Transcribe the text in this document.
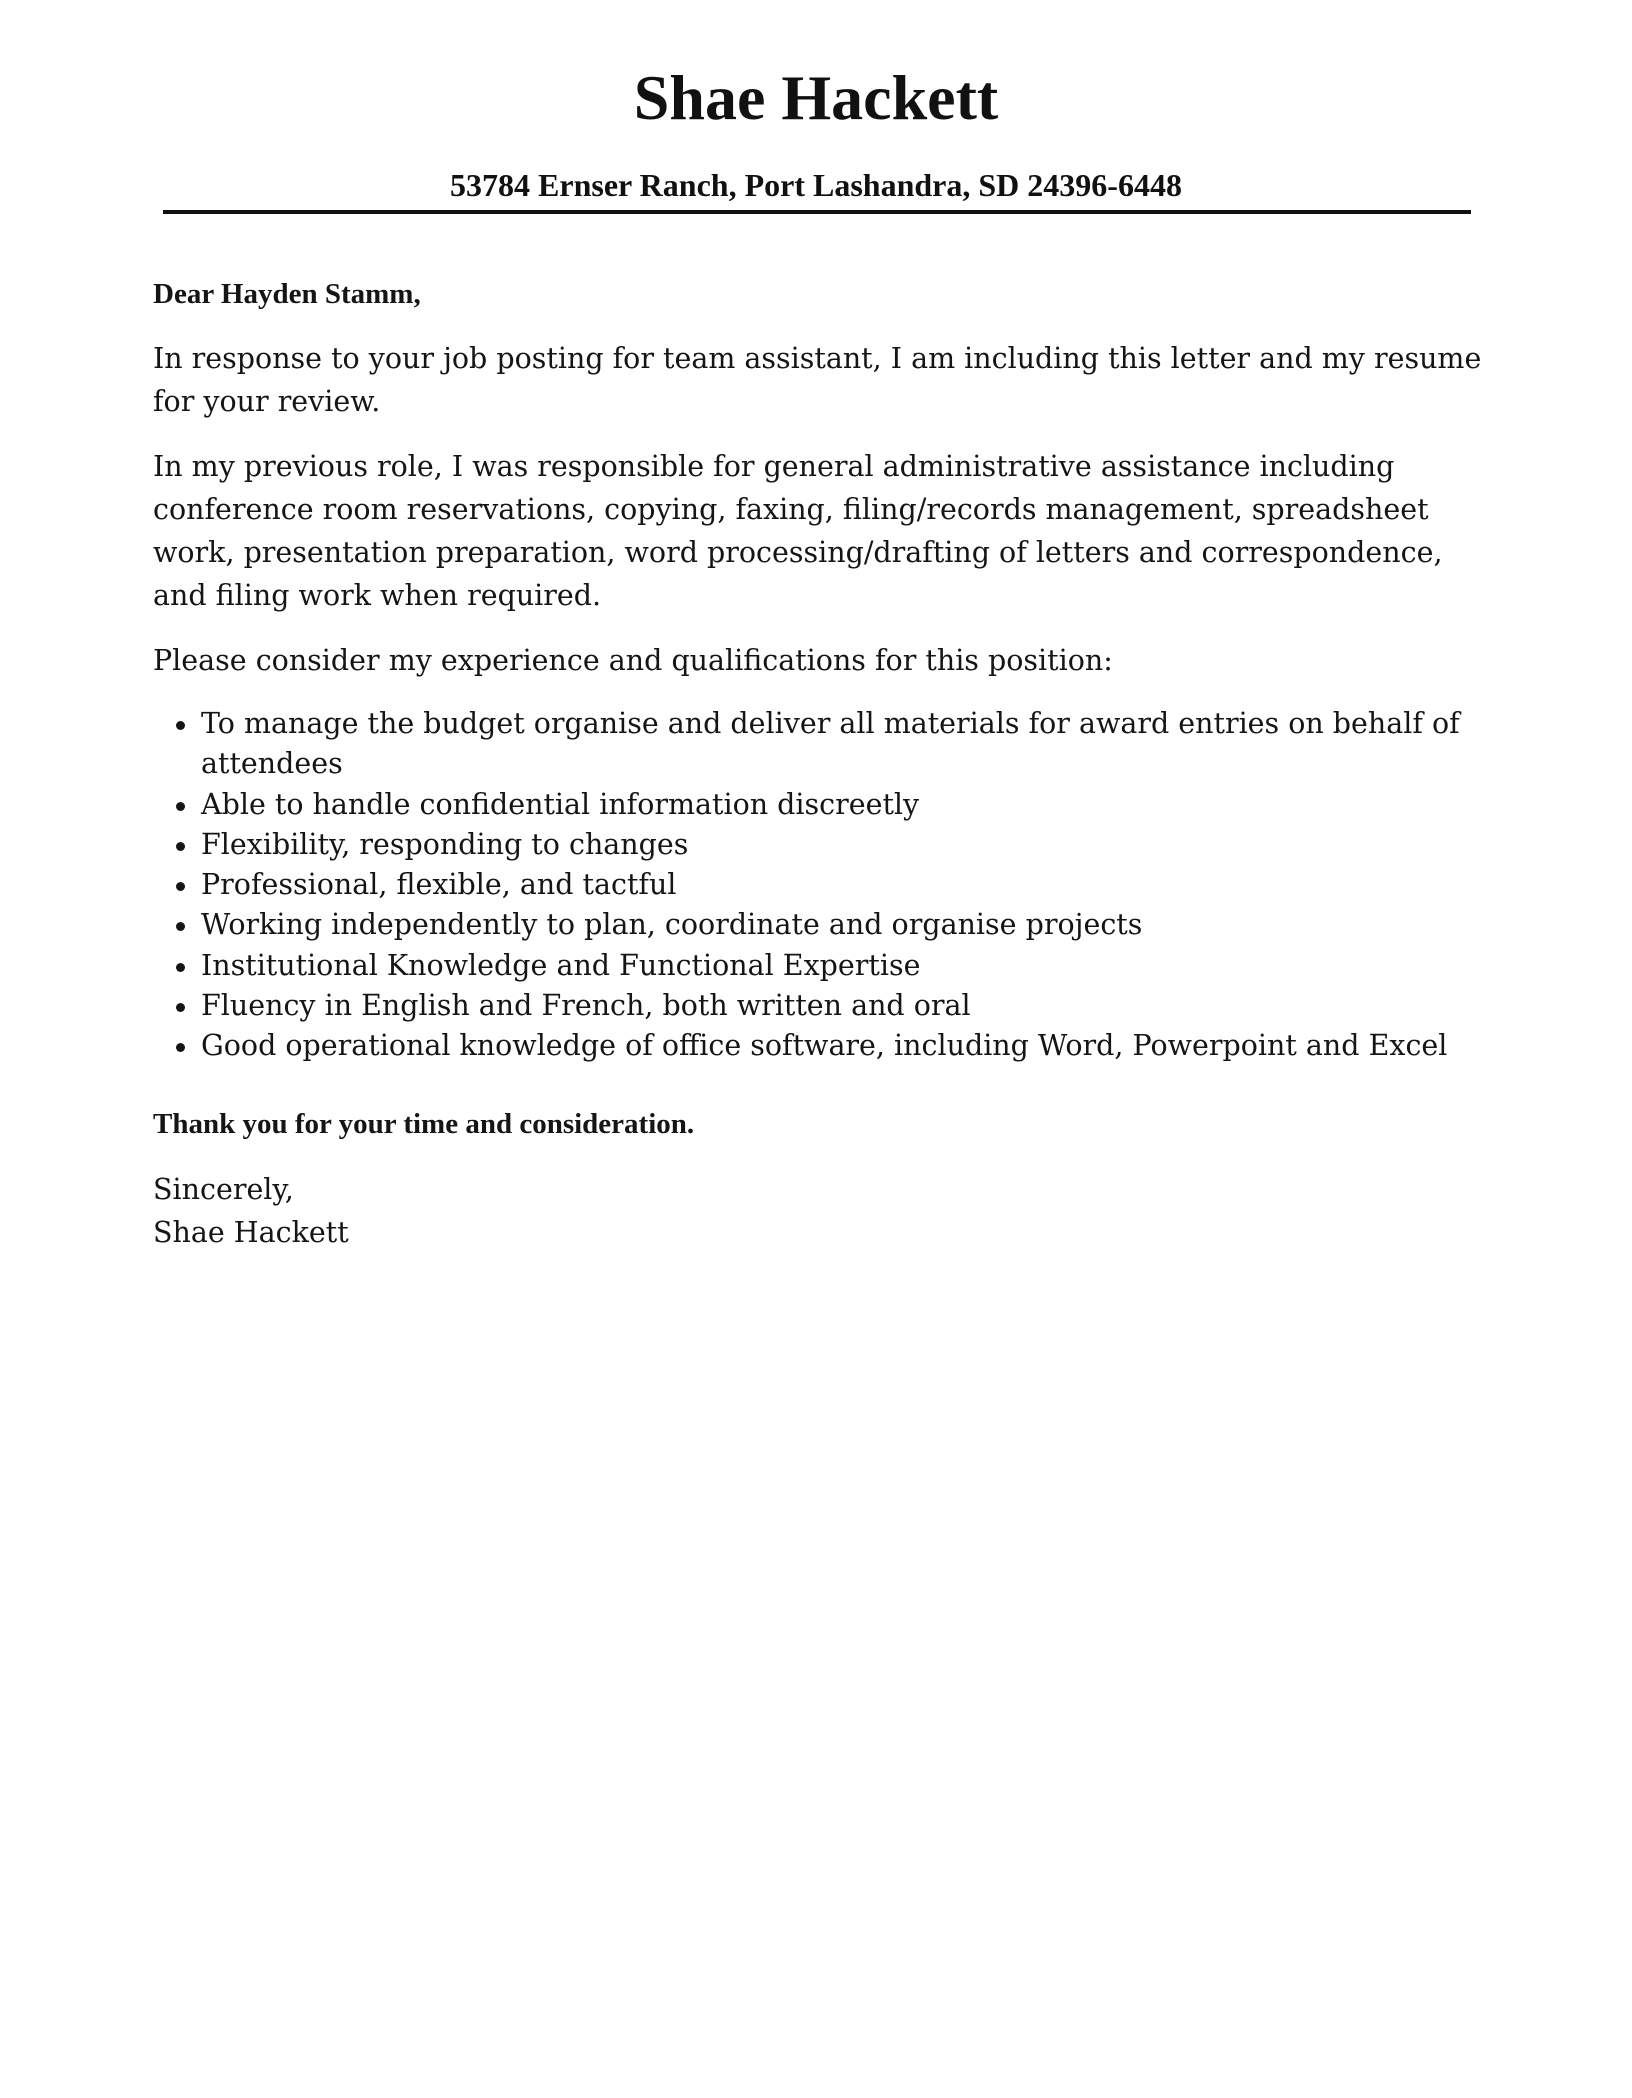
Shae Hackett
53784 Ernser Ranch, Port Lashandra, SD 24396-6448

Dear Hayden Stamm,

In response to your job posting for team assistant, I am including this letter and my resume for your review.

In my previous role, I was responsible for general administrative assistance including conference room reservations, copying, faxing, filing/records management, spreadsheet work, presentation preparation, word processing/drafting of letters and correspondence, and filing work when required.

Please consider my experience and qualifications for this position:

To manage the budget organise and deliver all materials for award entries on behalf of attendees
Able to handle confidential information discreetly
Flexibility, responding to changes
Professional, flexible, and tactful
Working independently to plan, coordinate and organise projects
Institutional Knowledge and Functional Expertise
Fluency in English and French, both written and oral
Good operational knowledge of office software, including Word, Powerpoint and Excel

Thank you for your time and consideration.

Sincerely,

Shae Hackett
